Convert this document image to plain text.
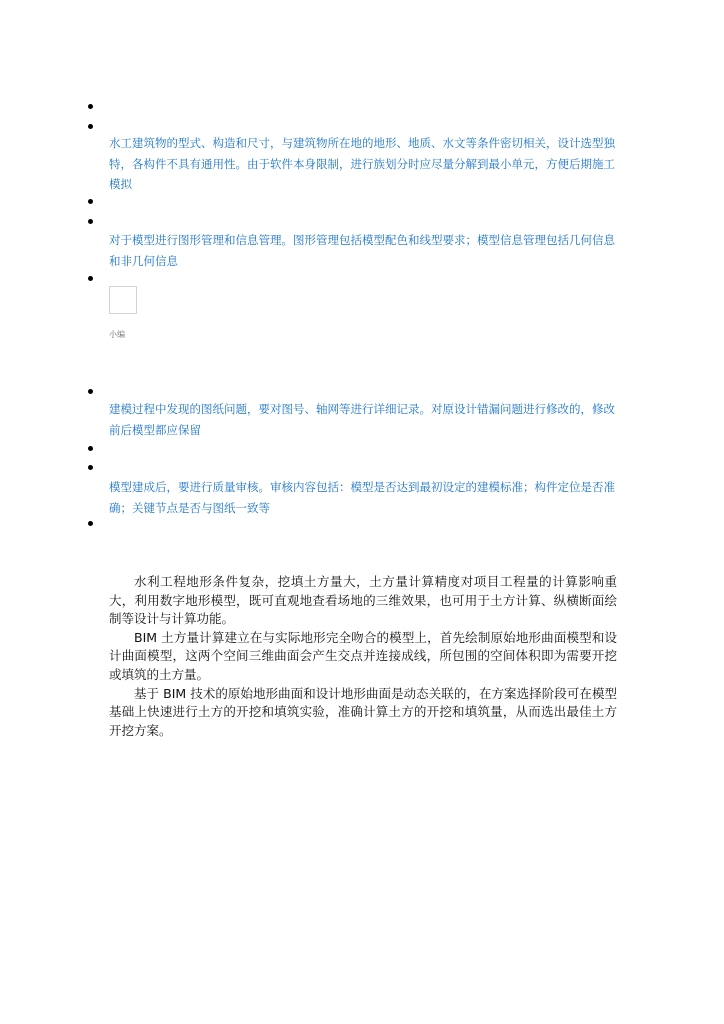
水工建筑物的型式、构造和尺寸，与建筑物所在地的地形、地质、水文等条件密切相关，设计选型独特，各构件不具有通用性。由于软件本身限制，进行族划分时应尽量分解到最小单元，方便后期施工模拟

对于模型进行图形管理和信息管理。图形管理包括模型配色和线型要求；模型信息管理包括几何信息和非几何信息

小编

建模过程中发现的图纸问题，要对图号、轴网等进行详细记录。对原设计错漏问题进行修改的，修改前后模型都应保留

模型建成后，要进行质量审核。审核内容包括：模型是否达到最初设定的建模标准；构件定位是否准确；关键节点是否与图纸一致等

水利工程地形条件复杂，挖填土方量大，土方量计算精度对项目工程量的计算影响重大，利用数字地形模型，既可直观地查看场地的三维效果，也可用于土方计算、纵横断面绘制等设计与计算功能。

BIM 土方量计算建立在与实际地形完全吻合的模型上，首先绘制原始地形曲面模型和设计曲面模型，这两个空间三维曲面会产生交点并连接成线，所包围的空间体积即为需要开挖或填筑的土方量。

基于 BIM 技术的原始地形曲面和设计地形曲面是动态关联的，在方案选择阶段可在模型基础上快速进行土方的开挖和填筑实验，准确计算土方的开挖和填筑量，从而选出最佳土方开挖方案。
